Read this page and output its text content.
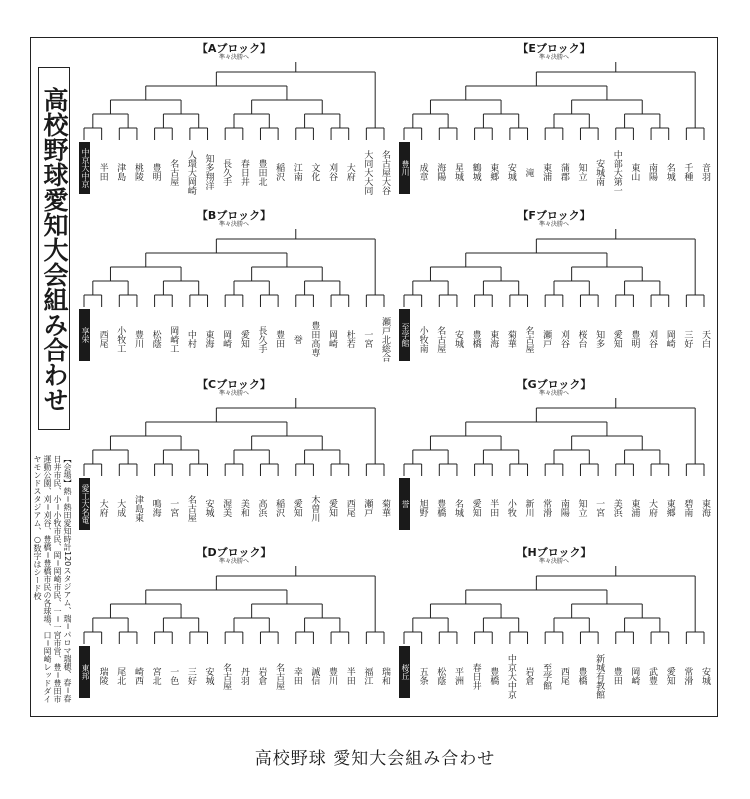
高校野球愛知大会組み合わせ
【会場】熱＝熱田愛知時計120スタジアム、瑞＝パロマ瑞穂、春＝春日井市民、小＝小牧市民、岡＝岡崎市民、一＝一宮市営、豊＝豊田市運動公園、刈＝刈谷、豊橋＝豊橋市民の各球場、口＝岡崎レッドダイヤモンドスタジアム、○数字はシード校
【Aブロック】
準々決勝へ
中京大中京 半田 津島 桃陵 豊明 名古屋 人環大岡崎 知多翔洋 長久手 春日井 豊田北 稲沢 江南 文化 刈谷 大府 大同大大同 名古屋大谷
【Bブロック】
準々決勝へ
享栄 西尾 小牧工 豊川 松蔭 岡崎工 中村 東海 岡崎 愛知 長久手 豊田 誉 豊田高専 岡崎 杜若 一宮 瀬戸北総合
【Cブロック】
準々決勝へ
愛工大名電 大府 大成 津島東 鳴海 一宮 名古屋 安城 渥美 美和 高浜 稲沢 愛知 木曽川 愛知 西尾 瀬戸 菊華
【Dブロック】
準々決勝へ
東邦 瑞陵 尾北 崎西 宮北 一色 三好 安城 名古屋 丹羽 岩倉 名古屋 幸田 誠信 豊川 半田 福江 瑞和
【Eブロック】
準々決勝へ
豊川 成章 海陽 星城 鶴城 東郷 安城 滝 東浦 蒲郡 知立 安城南 中部大第一 東山 南陽 名城 千種 音羽
【Fブロック】
準々決勝へ
至学館 小牧南 名古屋 安城 豊橋 東海 菊華 名古屋 瀬戸 刈谷 桜台 知多 愛知 豊明 刈谷 岡崎 三好 天白
【Gブロック】
準々決勝へ
誉 旭野 豊橋 名城 愛知 半田 小牧 新川 常滑 南陽 知立 一宮 美浜 東浦 大府 東郷 碧南 東海
【Hブロック】
準々決勝へ
桜丘 五条 松蔭 平洲 春日井 豊橋 中京大中京 岩倉 至学館 西尾 豊橋 新城有教館 豊田 岡崎 武豊 愛知 常滑 安城
高校野球 愛知大会組み合わせ
